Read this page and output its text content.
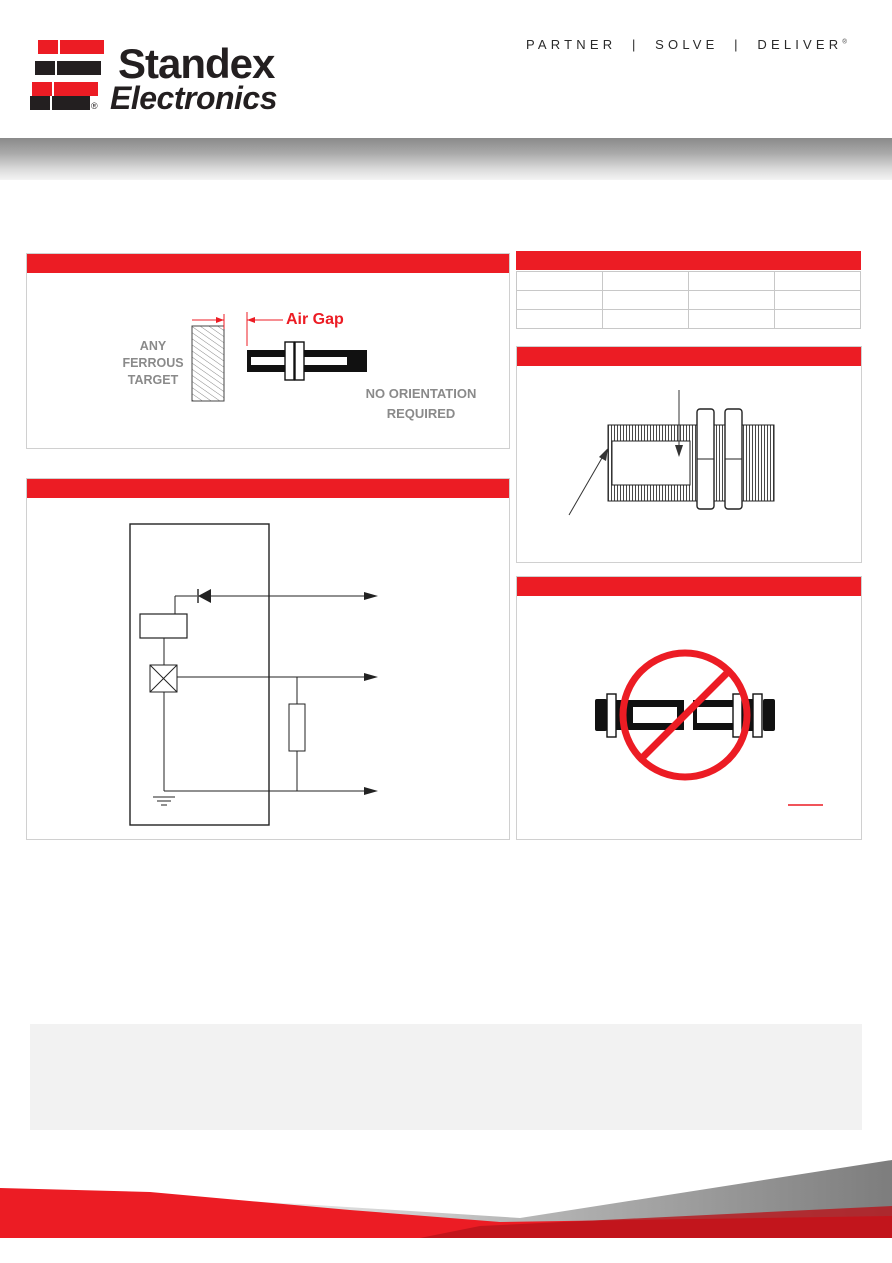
Standex
Electronics
®
PARTNER  |  SOLVE  |  DELIVER®
ANY
FERROUS
TARGET
Air Gap
NO ORIENTATION
REQUIRED
